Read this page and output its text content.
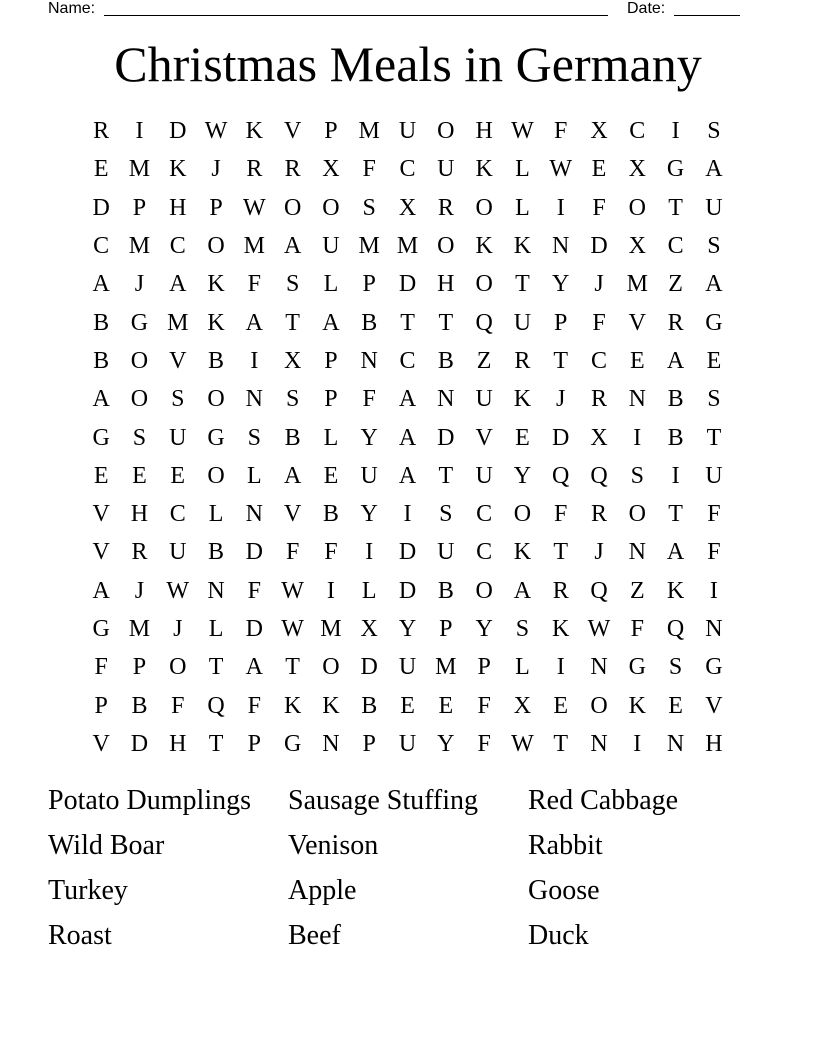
Name:	Date:
Christmas Meals in Germany
R	I	D W K V P M U O H W F X C	I	S
E M K	J	R R X F C U K L W E X G A
D P H P W O O S X R O L	I	F O T U
C M C O M A U M M O K K N D X C S
A	J	A K F	S	L	P D H O T Y	J M Z A
B G M K A T A B T T Q U P	F V R G
B O V B	I	X P N C B Z R T C E A E
A O S O N S	P	F A N U K	J	R N B S
G S U G S B L Y A D V E D X	I	B T
E E E O L A E U A T U Y Q Q S	I	U
V H C L N V B Y	I	S C O F R O T	F
V R U B D F	F	I	D U C K T	J	N A F
A	J W N F W I	L D B O A R Q Z K	I
G M J	L D W M X Y P Y S K W F Q N
F	P O T A T O D U M P	L	I	N G S G
P B F Q F K K B E E	F X E O K E V
V D H T	P G N P U Y F W T N	I	N H
Potato Dumplings	Sausage Stuffing	Red Cabbage
Wild Boar	Venison	Rabbit
Turkey	Apple	Goose
Roast	Beef	Duck
